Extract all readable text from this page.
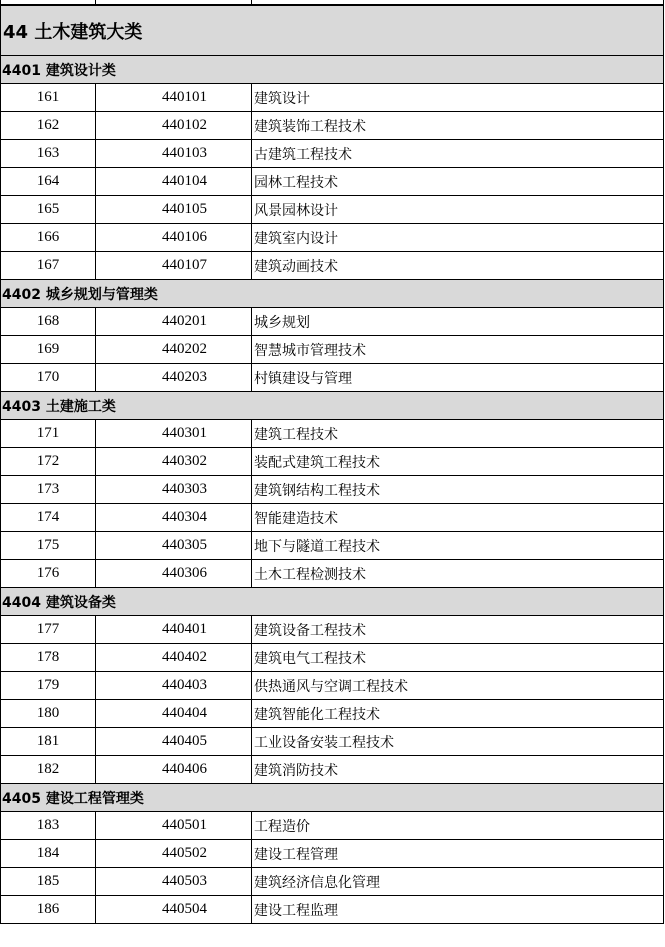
44 土木建筑大类		
4401 建筑设计类		
161	440101	建筑设计
162	440102	建筑装饰工程技术
163	440103	古建筑工程技术
164	440104	园林工程技术
165	440105	风景园林设计
166	440106	建筑室内设计
167	440107	建筑动画技术
4402 城乡规划与管理类		
168	440201	城乡规划
169	440202	智慧城市管理技术
170	440203	村镇建设与管理
4403 土建施工类		
171	440301	建筑工程技术
172	440302	装配式建筑工程技术
173	440303	建筑钢结构工程技术
174	440304	智能建造技术
175	440305	地下与隧道工程技术
176	440306	土木工程检测技术
4404 建筑设备类		
177	440401	建筑设备工程技术
178	440402	建筑电气工程技术
179	440403	供热通风与空调工程技术
180	440404	建筑智能化工程技术
181	440405	工业设备安装工程技术
182	440406	建筑消防技术
4405 建设工程管理类		
183	440501	工程造价
184	440502	建设工程管理
185	440503	建筑经济信息化管理
186	440504	建设工程监理
